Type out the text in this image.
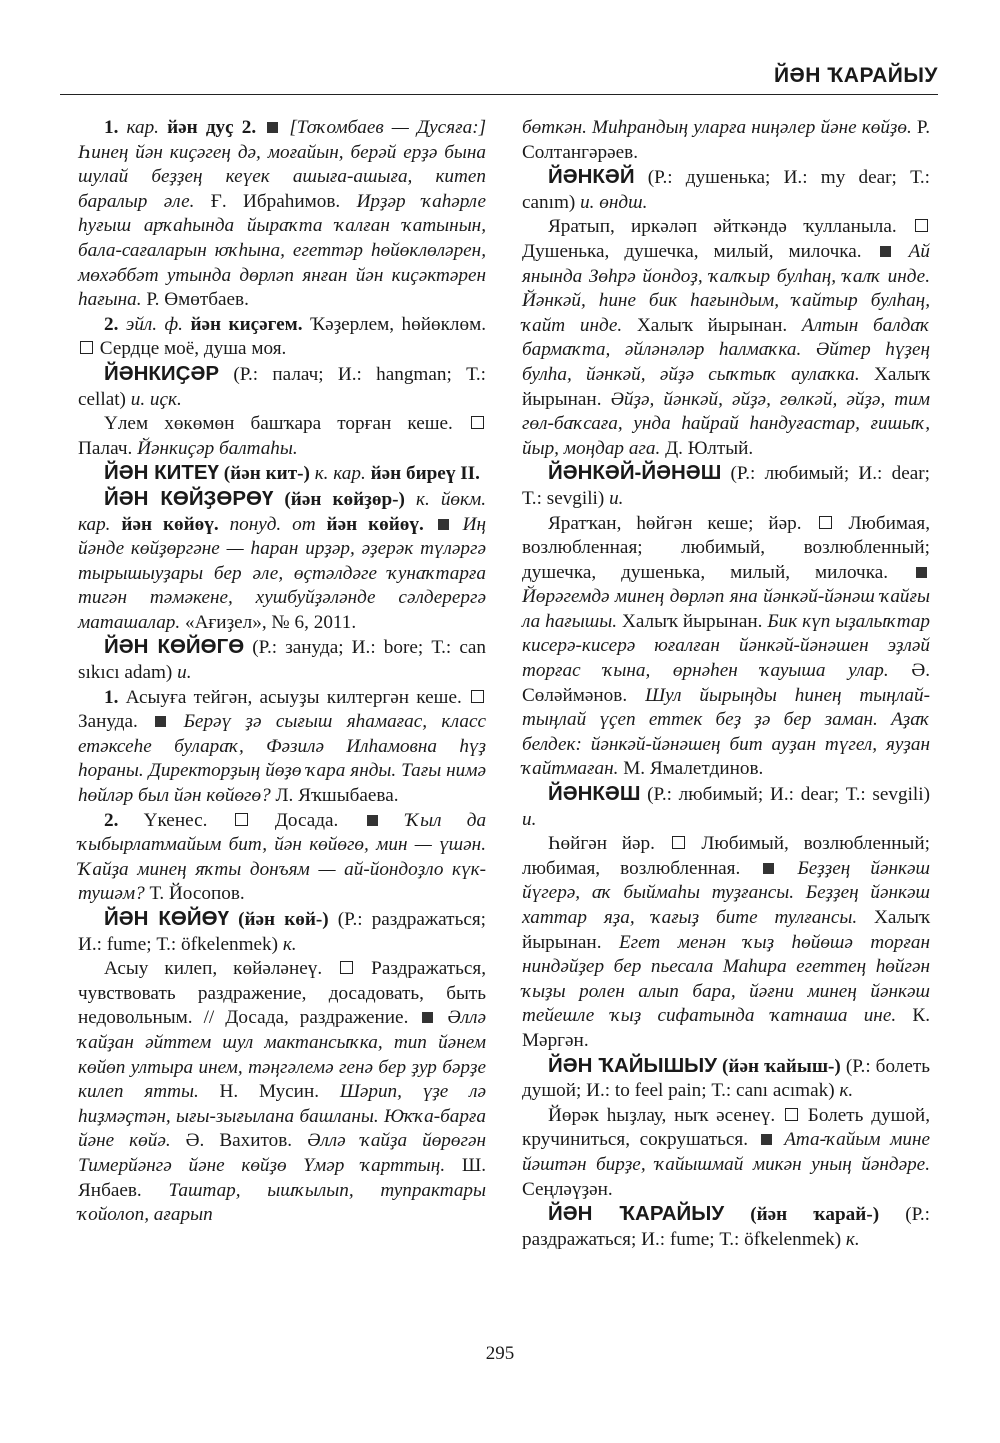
ЙӘН ҠАРАЙЫУ

1. кар. йән дуҫ 2. [Тоҡомбаев — Дусяға:] Һинең йән киҫәгең дә, моғайын, берәй ерҙә бына шулай беҙҙең кеүек ашыға-ашыға, китеп баралыр әле. Ғ. Ибраһимов. Ирҙәр ҡаһәрле һуғыш арҡаһында йыраҡта ҡалған ҡатынын, бала-сағаларын юҡһына, егеттәр һөйөклөләрен, мөхәббәт утында дөрләп янған йән киҫәктәрен һағына. Р. Өмөтбаев.

2. эйл. ф. йән киҫәгем. Ҡәҙерлем, һөйөклөм.  Сердце моё, душа моя.

ЙӘНКИҪӘР (Р.: палач; И.: hangman; Т.: cellat) и. иҫк.

Үлем хөкөмөн башҡара торған кеше.  Палач. Йәнкиҫәр балтаһы.

ЙӘН КИТЕҮ (йән кит-) к. кар. йән биреү II.

ЙӘН КӨЙҘӨРӨҮ (йән көйҙөр-) к. йөкм. кар. йән көйөү. понуд. от йән көйөү. Иң йәнде көйҙөргәне — һаран ирҙәр, әҙерәк түләргә тырышыуҙары бер әле, өҫтәлдәге ҡунаҡтарға тигән тәмәкене, хушбуйҙәләнде сәлдерергә маташалар. «Ағиҙел», № 6, 2011.

ЙӘН КӨЙӨГӨ (Р.: зануда; И.: bore; Т.: can sıkıcı adam) и.

1. Асыуға тейгән, асыуҙы килтергән кеше.  Зануда. Берәү ҙә сығыш яһамағас, класс етәксеһе булараҡ, Фәзилә Илһамовна һүҙ һораны. Директорҙың йөҙө ҡара янды. Тағы нимә һөйләр был йән көйөгө? Л. Яҡшыбаева.

2. Үкенес.	Досада.	Ҡыл да ҡыбырлатмайым бит, йән көйөгө, мин — үшән. Ҡайҙа минең яҡты донъям — ай-йондоҙло күк-тушәм? Т. Йосопов.

ЙӘН КӨЙӨҮ (йән көй-) (Р.: раздражаться; И.: fume; Т.: öfkelenmek) к.

Асыу килеп, көйәләнеү.	Раздражаться, чувствовать раздражение, досадовать, быть недовольным. // Досада, раздражение. Әллә ҡайҙан әйттем шул мактансыҡка, тип йәнем көйөп ултыра инем, тәңгәлемә генә бер ҙур бәрҙе килеп ятты. Н. Мусин. Шәрип, үҙе лә һиҙмәҫтән, ығы-зығылана башланы. Юҡҡа-барға йәне көйә. Ә. Вахитов. Әллә ҡайҙа йөрөгән Тимерйәнгә йәне көйҙө Үмәр ҡарттың. Ш. Янбаев. Таштар, ышҡылып, тупрактары ҡойолоп, ағарып

бөткән. Миһрандың уларға ниңәлер йәне көйҙө. Р. Солтангәрәев.

ЙӘНКӘЙ (Р.: душенька; И.: my dear; Т.: canım) и. өндш.

Яратып, иркәләп әйткәндә ҡулланыла.  Душенька, душечка, милый, милочка. Ай янында Зөһрә йондоҙ, ҡалҡыр булһаң, ҡалҡ инде. Йәнкәй, һине бик һағындым, ҡайтыр булһаң, ҡайт инде. Халыҡ йырынан. Алтын балдаҡ бармаҡта, әйләнәләр һалмаҡка. Әйтер һүҙең булһа, йәнкәй, әйҙә сыҡтыҡ аулаҡка. Халыҡ йырынан. Әйҙә, йәнкәй, әйҙә, гөлкәй, әйҙә, тим гөл-баҡсаға, унда һайрай һандуғастар, ғишыҡ, йыр, моңдар ага. Д. Юлтый.

ЙӘНКӘЙ-ЙӘНӘШ (Р.: любимый; И.: dear; Т.: sevgili) и.

Яратҡан, һөйгән кеше; йәр. Любимая, возлюбленная; любимый, возлюбленный; душечка, душенька, милый, милочка.  Йөрәгемдә минең дөрләп яна йәнкәй-йәнәш ҡайғы ла һағышы. Халыҡ йырынан. Бик күп ыҙалыҡтар кисерә-кисерә юғалған йәнкәй-йәнәшен эҙләй торғас ҡына, өрнәһен ҡауыша улар. Ә. Сөләймәнов. Шул йырыңды һинең тыңлай-тыңлай үҫеп еттек беҙ ҙә бер заман. Аҙаҡ белдек: йәнкәй-йәнәшең бит ауҙан түгел, яуҙан ҡайтмаған. М. Ямалетдинов.

ЙӘНКӘШ (Р.: любимый; И.: dear; Т.: sevgili) и.

Һөйгән йәр. Любимый, возлюбленный; любимая, возлюбленная.	Беҙҙең йәнкәш йүгерә, аҡ быймаһы туҙғансы. Беҙҙең йәнкәш хаттар яҙа, ҡағыҙ бите тулғансы. Халыҡ йырынан. Егет менән ҡыҙ һөйөшә торған ниндәйҙер бер пьесала Маһира егеттең һөйгән ҡыҙы ролен алып бара, йәғни минең йәнкәш тейешле ҡыҙ сифатында ҡатнаша ине. К. Мәргән.

ЙӘН ҠАЙЫШЫУ (йән ҡайыш-) (Р.: болеть душой; И.: to feel pain; Т.: canı acımak) к.

Йөрәк һыҙлау, ныҡ әсенеү. Болеть душой, кручиниться, сокрушаться. Ата-ҡайым мине йәштән бирҙе, ҡайышмай микән уның йәндәре. Сеңләүҙән.

ЙӘН ҠАРАЙЫУ (йән ҡарай-) (Р.: раздражаться; И.: fume; Т.: öfkelenmek) к.

295
